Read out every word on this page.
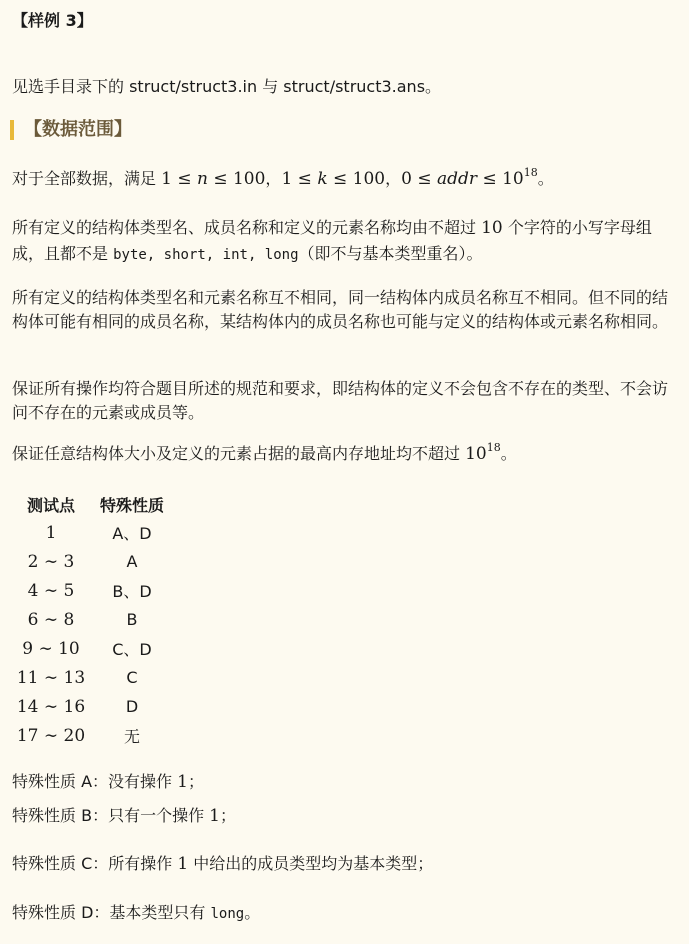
【样例 3】
见选手目录下的 struct/struct3.in 与 struct/struct3.ans。
【数据范围】
对于全部数据，满足 1 ≤ n ≤ 100，1 ≤ k ≤ 100，0 ≤ addr ≤ $10^{18}$。
所有定义的结构体类型名、成员名称和定义的元素名称均由不超过 10 个字符的小写字母组成，且都不是 byte, short, int, long（即不与基本类型重名）。
所有定义的结构体类型名和元素名称互不相同，同一结构体内成员名称互不相同。但不同的结构体可能有相同的成员名称，某结构体内的成员名称也可能与定义的结构体或元素名称相同。
保证所有操作均符合题目所述的规范和要求，即结构体的定义不会包含不存在的类型、不会访问不存在的元素或成员等。
保证任意结构体大小及定义的元素占据的最高内存地址均不超过 $10^{18}$。
测试点	特殊性质
1	A、D
2 ∼ 3	A
4 ∼ 5	B、D
6 ∼ 8	B
9 ∼ 10	C、D
11 ∼ 13	C
14 ∼ 16	D
17 ∼ 20	无
特殊性质 A：没有操作 1；
特殊性质 B：只有一个操作 1；
特殊性质 C：所有操作 1 中给出的成员类型均为基本类型；
特殊性质 D：基本类型只有 long。
